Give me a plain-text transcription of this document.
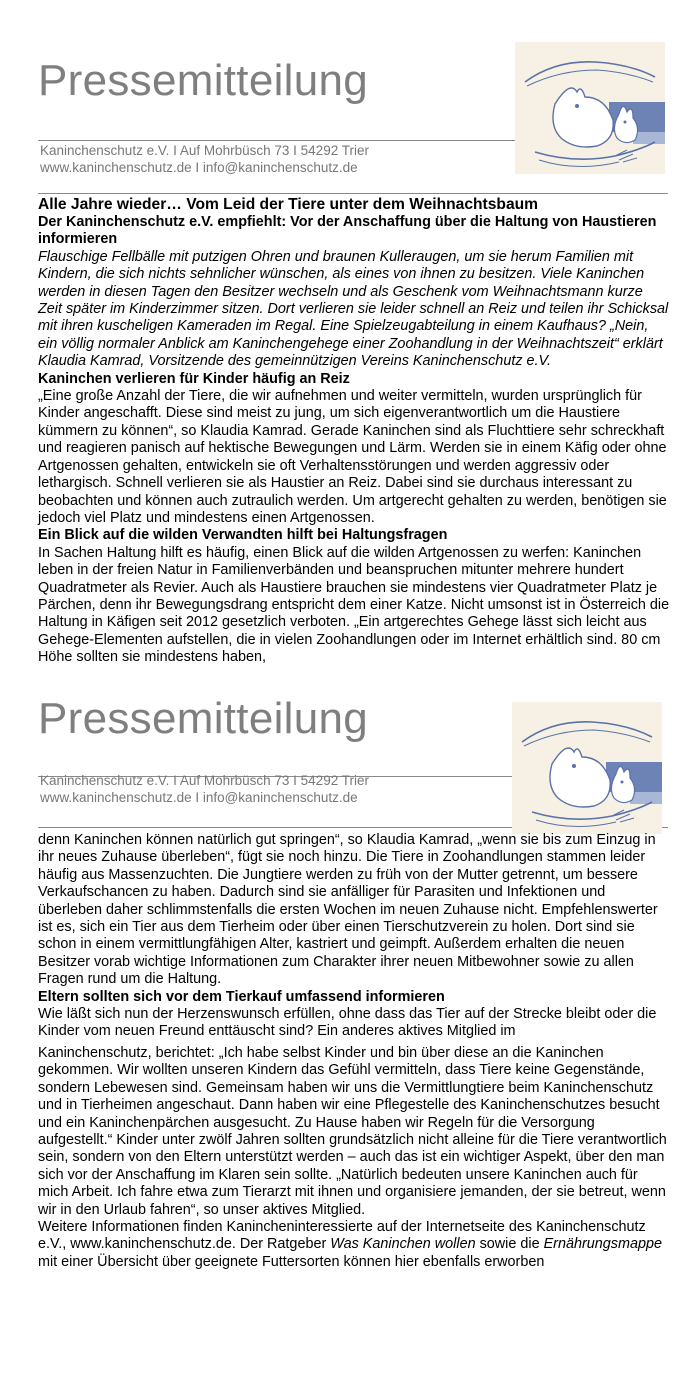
Pressemitteilung
Kaninchenschutz e.V. I Auf Mohrbüsch 73 I 54292 Trier
www.kaninchenschutz.de I info@kaninchenschutz.de

Alle Jahre wieder… Vom Leid der Tiere unter dem Weihnachtsbaum

Der Kaninchenschutz e.V. empfiehlt: Vor der Anschaffung über die Haltung von Haustieren informieren

Flauschige Fellbälle mit putzigen Ohren und braunen Kulleraugen, um sie herum Familien mit Kindern, die sich nichts sehnlicher wünschen, als eines von ihnen zu besitzen. Viele Kaninchen werden in diesen Tagen den Besitzer wechseln und als Geschenk vom Weihnachtsmann kurze Zeit später im Kinderzimmer sitzen. Dort verlieren sie leider schnell an Reiz und teilen ihr Schicksal mit ihren kuscheligen Kameraden im Regal. Eine Spielzeugabteilung in einem Kaufhaus? „Nein, ein völlig normaler Anblick am Kaninchengehege einer Zoohandlung in der Weihnachtszeit“ erklärt Klaudia Kamrad, Vorsitzende des gemeinnützigen Vereins Kaninchenschutz e.V.

Kaninchen verlieren für Kinder häufig an Reiz

„Eine große Anzahl der Tiere, die wir aufnehmen und weiter vermitteln, wurden ursprünglich für Kinder angeschafft. Diese sind meist zu jung, um sich eigenverantwortlich um die Haustiere kümmern zu können“, so Klaudia Kamrad. Gerade Kaninchen sind als Fluchttiere sehr schreckhaft und reagieren panisch auf hektische Bewegungen und Lärm. Werden sie in einem Käfig oder ohne Artgenossen gehalten, entwickeln sie oft Verhaltensstörungen und werden aggressiv oder lethargisch. Schnell verlieren sie als Haustier an Reiz. Dabei sind sie durchaus interessant zu beobachten und können auch zutraulich werden. Um artgerecht gehalten zu werden, benötigen sie jedoch viel Platz und mindestens einen Artgenossen.

Ein Blick auf die wilden Verwandten hilft bei Haltungsfragen

In Sachen Haltung hilft es häufig, einen Blick auf die wilden Artgenossen zu werfen: Kaninchen leben in der freien Natur in Familienverbänden und beanspruchen mitunter mehrere hundert Quadratmeter als Revier. Auch als Haustiere brauchen sie mindestens vier Quadratmeter Platz je Pärchen, denn ihr Bewegungsdrang entspricht dem einer Katze. Nicht umsonst ist in Österreich die Haltung in Käfigen seit 2012 gesetzlich verboten. „Ein artgerechtes Gehege lässt sich leicht aus Gehege-Elementen aufstellen, die in vielen Zoohandlungen oder im Internet erhältlich sind. 80 cm Höhe sollten sie mindestens haben,

Pressemitteilung
Kaninchenschutz e.V. I Auf Mohrbüsch 73 I 54292 Trier
www.kaninchenschutz.de I info@kaninchenschutz.de

denn Kaninchen können natürlich gut springen“, so Klaudia Kamrad, „wenn sie bis zum Einzug in ihr neues Zuhause überleben“, fügt sie noch hinzu. Die Tiere in Zoohandlungen stammen leider häufig aus Massenzuchten. Die Jungtiere werden zu früh von der Mutter getrennt, um bessere Verkaufschancen zu haben. Dadurch sind sie anfälliger für Parasiten und Infektionen und überleben daher schlimmstenfalls die ersten Wochen im neuen Zuhause nicht. Empfehlenswerter ist es, sich ein Tier aus dem Tierheim oder über einen Tierschutzverein zu holen. Dort sind sie schon in einem vermittlungfähigen Alter, kastriert und geimpft. Außerdem erhalten die neuen Besitzer vorab wichtige Informationen zum Charakter ihrer neuen Mitbewohner sowie zu allen Fragen rund um die Haltung.

Eltern sollten sich vor dem Tierkauf umfassend informieren

Wie läßt sich nun der Herzenswunsch erfüllen, ohne dass das Tier auf der Strecke bleibt oder die Kinder vom neuen Freund enttäuscht sind? Ein anderes aktives Mitglied im

Kaninchenschutz, berichtet: „Ich habe selbst Kinder und bin über diese an die Kaninchen gekommen. Wir wollten unseren Kindern das Gefühl vermitteln, dass Tiere keine Gegenstände, sondern Lebewesen sind. Gemeinsam haben wir uns die Vermittlungtiere beim Kaninchenschutz und in Tierheimen angeschaut. Dann haben wir eine Pflegestelle des Kaninchenschutzes besucht und ein Kaninchenpärchen ausgesucht. Zu Hause haben wir Regeln für die Versorgung aufgestellt.“ Kinder unter zwölf Jahren sollten grundsätzlich nicht alleine für die Tiere verantwortlich sein, sondern von den Eltern unterstützt werden – auch das ist ein wichtiger Aspekt, über den man sich vor der Anschaffung im Klaren sein sollte. „Natürlich bedeuten unsere Kaninchen auch für mich Arbeit. Ich fahre etwa zum Tierarzt mit ihnen und organisiere jemanden, der sie betreut, wenn wir in den Urlaub fahren“, so unser aktives Mitglied.

Weitere Informationen finden Kanincheninteressierte auf der Internetseite des Kaninchenschutz e.V., www.kaninchenschutz.de. Der Ratgeber Was Kaninchen wollen sowie die Ernährungsmappe mit einer Übersicht über geeignete Futtersorten können hier ebenfalls erworben
